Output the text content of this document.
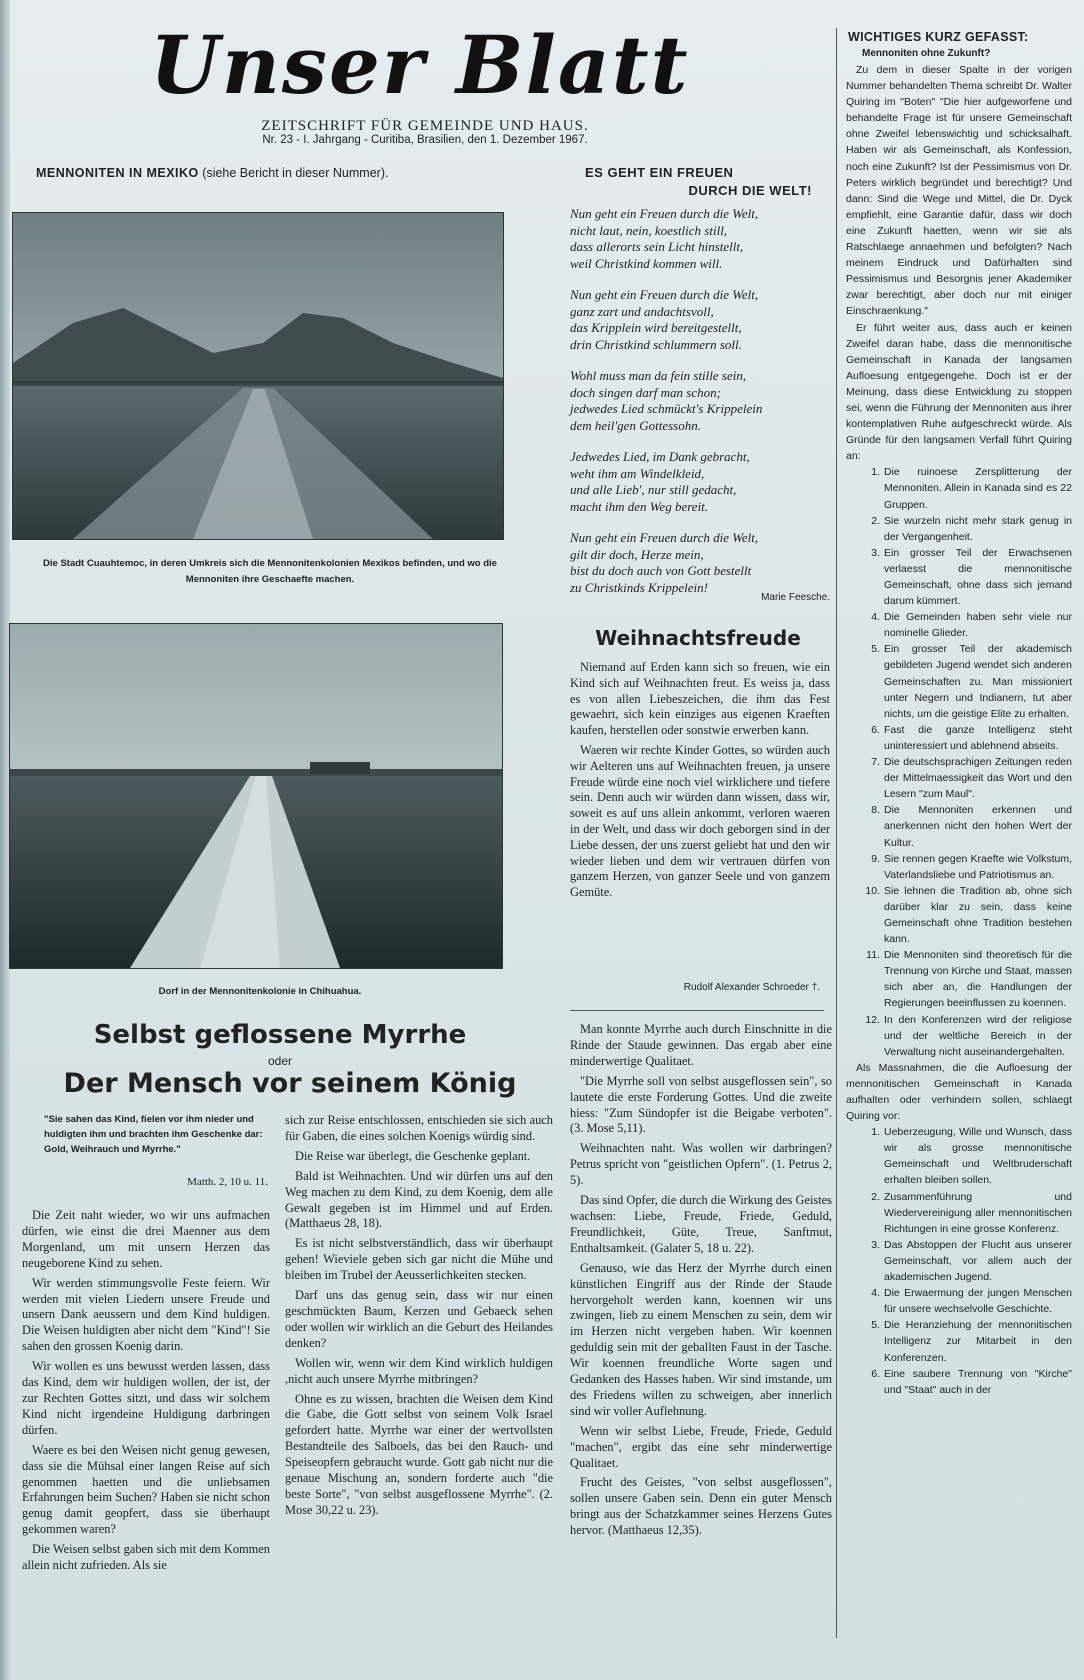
Unser Blatt

ZEITSCHRIFT FÜR GEMEINDE UND HAUS.

Nr. 23 - I. Jahrgang - Curitiba, Brasilien, den 1. Dezember 1967.

MENNONITEN IN MEXIKO (siehe Bericht in dieser Nummer).

Die Stadt Cuauhtemoc, in deren Umkreis sich die Mennonitenkolonien Mexikos befinden, und wo die Mennoniten ihre Geschaefte machen.

Dorf in der Mennonitenkolonie in Chihuahua.

Selbst geflossene Myrrhe

oder

Der Mensch vor seinem König

"Sie sahen das Kind, fielen vor ihm nieder und huldigten ihm und brachten ihm Geschenke dar: Gold, Weihrauch und Myrrhe."

Matth. 2, 10 u. 11.

Die Zeit naht wieder, wo wir uns aufmachen dürfen, wie einst die drei Maenner aus dem Morgenland, um mit unsern Herzen das neugeborene Kind zu sehen.

Wir werden stimmungsvolle Feste feiern. Wir werden mit vielen Liedern unsere Freude und unsern Dank aeussern und dem Kind huldigen. Die Weisen huldigten aber nicht dem "Kind"! Sie sahen den grossen Koenig darin.

Wir wollen es uns bewusst werden lassen, dass das Kind, dem wir huldigen wollen, der ist, der zur Rechten Gottes sitzt, und dass wir solchem Kind nicht irgendeine Huldigung darbringen dürfen.

Waere es bei den Weisen nicht genug gewesen, dass sie die Mühsal einer langen Reise auf sich genommen haetten und die unliebsamen Erfahrungen beim Suchen? Haben sie nicht schon genug damit geopfert, dass sie überhaupt gekommen waren?

Die Weisen selbst gaben sich mit dem Kommen allein nicht zufrieden. Als sie

sich zur Reise entschlossen, entschieden sie sich auch für Gaben, die eines solchen Koenigs würdig sind.

Die Reise war überlegt, die Geschenke geplant.

Bald ist Weihnachten. Und wir dürfen uns auf den Weg machen zu dem Kind, zu dem Koenig, dem alle Gewalt gegeben ist im Himmel und auf Erden. (Matthaeus 28, 18).

Es ist nicht selbstverständlich, dass wir überhaupt gehen! Wieviele geben sich gar nicht die Mühe und bleiben im Trubel der Aeusserlichkeiten stecken.

Darf uns das genug sein, dass wir nur einen geschmückten Baum, Kerzen und Gebaeck sehen oder wollen wir wirklich an die Geburt des Heilandes denken?

Wollen wir, wenn wir dem Kind wirklich huldigen ,nicht auch unsere Myrrhe mitbringen?

Ohne es zu wissen, brachten die Weisen dem Kind die Gabe, die Gott selbst von seinem Volk Israel gefordert hatte. Myrrhe war einer der wertvollsten Bestandteile des Salboels, das bei den Rauch- und Speiseopfern gebraucht wurde. Gott gab nicht nur die genaue Mischung an, sondern forderte auch "die beste Sorte", "von selbst ausgeflossene Myrrhe". (2. Mose 30,22 u. 23).

Man konnte Myrrhe auch durch Einschnitte in die Rinde der Staude gewinnen. Das ergab aber eine minderwertige Qualitaet.

"Die Myrrhe soll von selbst ausgeflossen sein", so lautete die erste Forderung Gottes. Und die zweite hiess: "Zum Sündopfer ist die Beigabe verboten". (3. Mose 5,11).

Weihnachten naht. Was wollen wir darbringen? Petrus spricht von "geistlichen Opfern". (1. Petrus 2, 5).

Das sind Opfer, die durch die Wirkung des Geistes wachsen: Liebe, Freude, Friede, Geduld, Freundlichkeit, Güte, Treue, Sanftmut, Enthaltsamkeit. (Galater 5, 18 u. 22).

Genauso, wie das Herz der Myrrhe durch einen künstlichen Eingriff aus der Rinde der Staude hervorgeholt werden kann, koennen wir uns zwingen, lieb zu einem Menschen zu sein, dem wir im Herzen nicht vergeben haben. Wir koennen geduldig sein mit der geballten Faust in der Tasche. Wir koennen freundliche Worte sagen und Gedanken des Hasses haben. Wir sind imstande, um des Friedens willen zu schweigen, aber innerlich sind wir voller Auflehnung.

Wenn wir selbst Liebe, Freude, Friede, Geduld "machen", ergibt das eine sehr minderwertige Qualitaet.

Frucht des Geistes, "von selbst ausgeflossen", sollen unsere Gaben sein. Denn ein guter Mensch bringt aus der Schatzkammer seines Herzens Gutes hervor. (Matthaeus 12,35).

ES GEHT EIN FREUEN
DURCH DIE WELT!

Nun geht ein Freuen durch die Welt,
nicht laut, nein, koestlich still,
dass allerorts sein Licht hinstellt,
weil Christkind kommen will.
Nun geht ein Freuen durch die Welt,
ganz zart und andachtsvoll,
das Kripplein wird bereitgestellt,
drin Christkind schlummern soll.
Wohl muss man da fein stille sein,
doch singen darf man schon;
jedwedes Lied schmückt's Krippelein
dem heil'gen Gottessohn.
Jedwedes Lied, im Dank gebracht,
weht ihm am Windelkleid,
und alle Lieb', nur still gedacht,
macht ihm den Weg bereit.
Nun geht ein Freuen durch die Welt,
gilt dir doch, Herze mein,
bist du doch auch von Gott bestellt
zu Christkinds Krippelein!

Marie Feesche.

Weihnachtsfreude

Niemand auf Erden kann sich so freuen, wie ein Kind sich auf Weihnachten freut. Es weiss ja, dass es von allen Liebeszeichen, die ihm das Fest gewaehrt, sich kein einziges aus eigenen Kraeften kaufen, herstellen oder sonstwie erwerben kann.

Waeren wir rechte Kinder Gottes, so würden auch wir Aelteren uns auf Weihnachten freuen, ja unsere Freude würde eine noch viel wirklichere und tiefere sein. Denn auch wir würden dann wissen, dass wir, soweit es auf uns allein ankommt, verloren waeren in der Welt, und dass wir doch geborgen sind in der Liebe dessen, der uns zuerst geliebt hat und den wir wieder lieben und dem wir vertrauen dürfen von ganzem Herzen, von ganzer Seele und von ganzem Gemüte.

Rudolf Alexander Schroeder †.

WICHTIGES KURZ GEFASST:

Mennoniten ohne Zukunft?

Zu dem in dieser Spalte in der vorigen Nummer behandelten Thema schreibt Dr. Walter Quiring im "Boten" "Die hier aufgeworfene und behandelte Frage ist für unsere Gemeinschaft ohne Zweifel lebenswichtig und schicksalhaft. Haben wir als Gemeinschaft, als Konfession, noch eine Zukunft? Ist der Pessimismus von Dr. Peters wirklich begründet und berechtigt? Und dann: Sind die Wege und Mittel, die Dr. Dyck empfiehlt, eine Garantie dafür, dass wir doch eine Zukunft haetten, wenn wir sie als Ratschlaege annaehmen und befolgten? Nach meinem Eindruck und Dafürhalten sind Pessimismus und Besorgnis jener Akademiker zwar berechtigt, aber doch nur mit einiger Einschraenkung."

Er führt weiter aus, dass auch er keinen Zweifel daran habe, dass die mennonitische Gemeinschaft in Kanada der langsamen Aufloesung entgegengehe. Doch ist er der Meinung, dass diese Entwicklung zu stoppen sei, wenn die Führung der Mennoniten aus ihrer kontemplativen Ruhe aufgeschreckt würde. Als Gründe für den langsamen Verfall führt Quiring an:

1. Die ruinoese Zersplitterung der Mennoniten. Allein in Kanada sind es 22 Gruppen.
2. Sie wurzeln nicht mehr stark genug in der Vergangenheit.
3. Ein grosser Teil der Erwachsenen verlaesst die mennonitische Gemeinschaft, ohne dass sich jemand darum kümmert.
4. Die Gemeinden haben sehr viele nur nominelle Glieder.
5. Ein grosser Teil der akademisch gebildeten Jugend wendet sich anderen Gemeinschaften zu. Man missioniert unter Negern und Indianern, tut aber nichts, um die geistige Elite zu erhalten.
6. Fast die ganze Intelligenz steht uninteressiert und ablehnend abseits.
7. Die deutschsprachigen Zeitungen reden der Mittelmaessigkeit das Wort und den Lesern "zum Maul".
8. Die Mennoniten erkennen und anerkennen nicht den hohen Wert der Kultur.
9. Sie rennen gegen Kraefte wie Volkstum, Vaterlandsliebe und Patriotismus an.
10. Sie lehnen die Tradition ab, ohne sich darüber klar zu sein, dass keine Gemeinschaft ohne Tradition bestehen kann.
11. Die Mennoniten sind theoretisch für die Trennung von Kirche und Staat, massen sich aber an, die Handlungen der Regierungen beeinflussen zu koennen.
12. In den Konferenzen wird der religiose und der weltliche Bereich in der Verwaltung nicht auseinandergehalten.

Als Massnahmen, die die Aufloesung der mennonitischen Gemeinschaft in Kanada aufhalten oder verhindern sollen, schlaegt Quiring vor:

1. Ueberzeugung, Wille und Wunsch, dass wir als grosse mennonitische Gemeinschaft und Weltbruderschaft erhalten bleiben sollen.
2. Zusammenführung und Wiedervereinigung aller mennonitischen Richtungen in eine grosse Konferenz.
3. Das Abstoppen der Flucht aus unserer Gemeinschaft, vor allem auch der akademischen Jugend.
4. Die Erwaermung der jungen Menschen für unsere wechselvolle Geschichte.
5. Die Heranziehung der mennonitischen Intelligenz zur Mitarbeit in den Konferenzen.
6. Eine saubere Trennung von "Kirche" und "Staat" auch in der
